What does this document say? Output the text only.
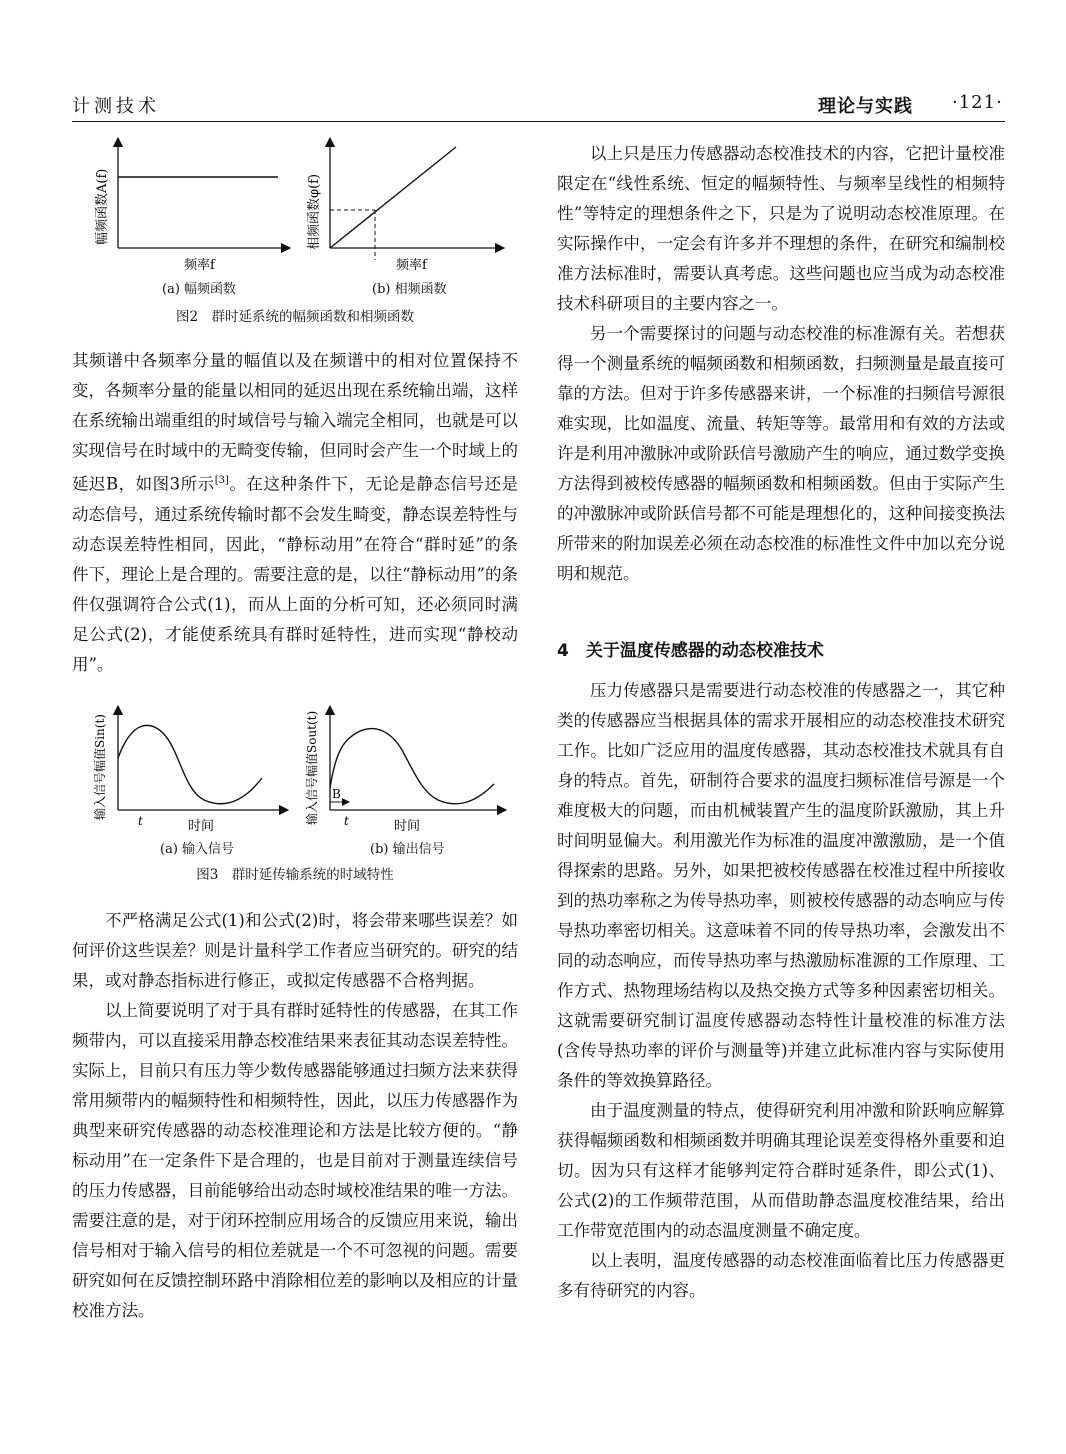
计测技术	理论与实践 ·121·
幅频函数A(f)
频率f
相频函数φ(f)
频率f
(a) 幅频函数	(b) 相频函数
图2　群时延系统的幅频函数和相频函数

其频谱中各频率分量的幅值以及在频谱中的相对位置保持不变，各频率分量的能量以相同的延迟出现在系统输出端，这样在系统输出端重组的时域信号与输入端完全相同，也就是可以实现信号在时域中的无畸变传输，但同时会产生一个时域上的延迟B，如图3所示[3]。在这种条件下，无论是静态信号还是动态信号，通过系统传输时都不会发生畸变，静态误差特性与动态误差特性相同，因此，“静标动用”在符合“群时延”的条件下，理论上是合理的。需要注意的是，以往“静标动用”的条件仅强调符合公式(1)，而从上面的分析可知，还必须同时满足公式(2)，才能使系统具有群时延特性，进而实现“静校动用”。

输入信号幅值Sin(t)
t	时间
B
输入信号幅值Sout(t) t	时间
(a) 输入信号	(b) 输出信号
图3　群时延传输系统的时域特性

不严格满足公式(1)和公式(2)时，将会带来哪些误差？如何评价这些误差？则是计量科学工作者应当研究的。研究的结果，或对静态指标进行修正，或拟定传感器不合格判据。

以上简要说明了对于具有群时延特性的传感器，在其工作频带内，可以直接采用静态校准结果来表征其动态误差特性。实际上，目前只有压力等少数传感器能够通过扫频方法来获得常用频带内的幅频特性和相频特性，因此，以压力传感器作为典型来研究传感器的动态校准理论和方法是比较方便的。“静标动用”在一定条件下是合理的，也是目前对于测量连续信号的压力传感器，目前能够给出动态时域校准结果的唯一方法。需要注意的是，对于闭环控制应用场合的反馈应用来说，输出信号相对于输入信号的相位差就是一个不可忽视的问题。需要研究如何在反馈控制环路中消除相位差的影响以及相应的计量校准方法。

以上只是压力传感器动态校准技术的内容，它把计量校准限定在“线性系统、恒定的幅频特性、与频率呈线性的相频特性”等特定的理想条件之下，只是为了说明动态校准原理。在实际操作中，一定会有许多并不理想的条件，在研究和编制校准方法标准时，需要认真考虑。这些问题也应当成为动态校准技术科研项目的主要内容之一。

另一个需要探讨的问题与动态校准的标准源有关。若想获得一个测量系统的幅频函数和相频函数，扫频测量是最直接可靠的方法。但对于许多传感器来讲，一个标准的扫频信号源很难实现，比如温度、流量、转矩等等。最常用和有效的方法或许是利用冲激脉冲或阶跃信号激励产生的响应，通过数学变换方法得到被校传感器的幅频函数和相频函数。但由于实际产生的冲激脉冲或阶跃信号都不可能是理想化的，这种间接变换法所带来的附加误差必须在动态校准的标准性文件中加以充分说明和规范。

4　关于温度传感器的动态校准技术

压力传感器只是需要进行动态校准的传感器之一，其它种类的传感器应当根据具体的需求开展相应的动态校准技术研究工作。比如广泛应用的温度传感器，其动态校准技术就具有自身的特点。首先，研制符合要求的温度扫频标准信号源是一个难度极大的问题，而由机械装置产生的温度阶跃激励，其上升时间明显偏大。利用激光作为标准的温度冲激激励，是一个值得探索的思路。另外，如果把被校传感器在校准过程中所接收到的热功率称之为传导热功率，则被校传感器的动态响应与传导热功率密切相关。这意味着不同的传导热功率，会激发出不同的动态响应，而传导热功率与热激励标准源的工作原理、工作方式、热物理场结构以及热交换方式等多种因素密切相关。这就需要研究制订温度传感器动态特性计量校准的标准方法(含传导热功率的评价与测量等)并建立此标准内容与实际使用条件的等效换算路径。

由于温度测量的特点，使得研究利用冲激和阶跃响应解算获得幅频函数和相频函数并明确其理论误差变得格外重要和迫切。因为只有这样才能够判定符合群时延条件，即公式(1)、公式(2)的工作频带范围，从而借助静态温度校准结果，给出工作带宽范围内的动态温度测量不确定度。

以上表明，温度传感器的动态校准面临着比压力传感器更多有待研究的内容。
